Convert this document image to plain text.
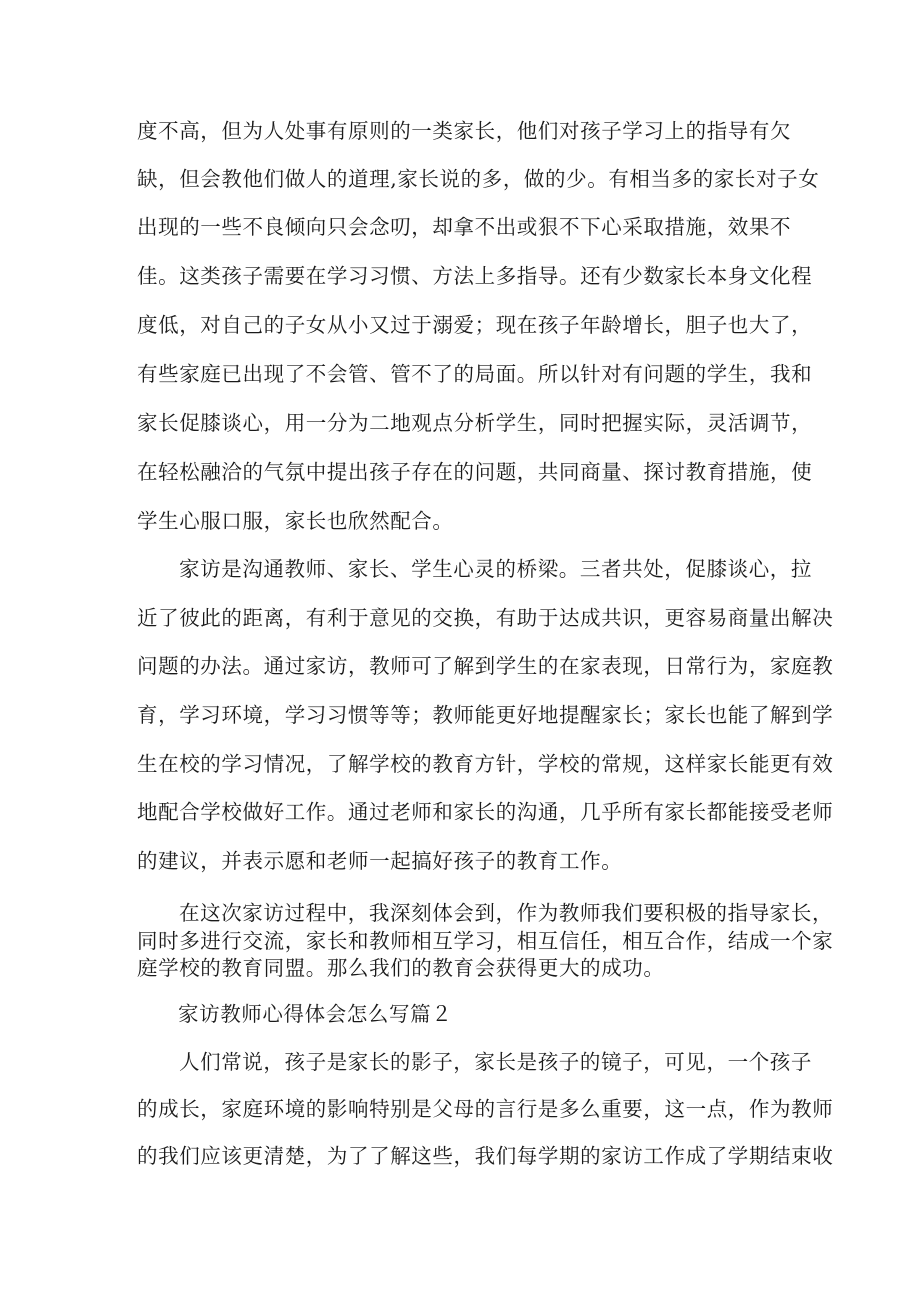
度不高，但为人处事有原则的一类家长，他们对孩子学习上的指导有欠
缺，但会教他们做人的道理,家长说的多，做的少。有相当多的家长对子女
出现的一些不良倾向只会念叨，却拿不出或狠不下心采取措施，效果不
佳。这类孩子需要在学习习惯、方法上多指导。还有少数家长本身文化程
度低，对自己的子女从小又过于溺爱；现在孩子年龄增长，胆子也大了，
有些家庭已出现了不会管、管不了的局面。所以针对有问题的学生，我和
家长促膝谈心，用一分为二地观点分析学生，同时把握实际，灵活调节，
在轻松融洽的气氛中提出孩子存在的问题，共同商量、探讨教育措施，使
学生心服口服，家长也欣然配合。
家访是沟通教师、家长、学生心灵的桥梁。三者共处，促膝谈心，拉
近了彼此的距离，有利于意见的交换，有助于达成共识，更容易商量出解决
问题的办法。通过家访，教师可了解到学生的在家表现，日常行为，家庭教
育，学习环境，学习习惯等等；教师能更好地提醒家长；家长也能了解到学
生在校的学习情况，了解学校的教育方针，学校的常规，这样家长能更有效
地配合学校做好工作。通过老师和家长的沟通，几乎所有家长都能接受老师
的建议，并表示愿和老师一起搞好孩子的教育工作。
在这次家访过程中，我深刻体会到，作为教师我们要积极的指导家长，
同时多进行交流，家长和教师相互学习，相互信任，相互合作，结成一个家
庭学校的教育同盟。那么我们的教育会获得更大的成功。
家访教师心得体会怎么写篇２
人们常说，孩子是家长的影子，家长是孩子的镜子，可见，一个孩子
的成长，家庭环境的影响特别是父母的言行是多么重要，这一点，作为教师
的我们应该更清楚，为了了解这些，我们每学期的家访工作成了学期结束收
